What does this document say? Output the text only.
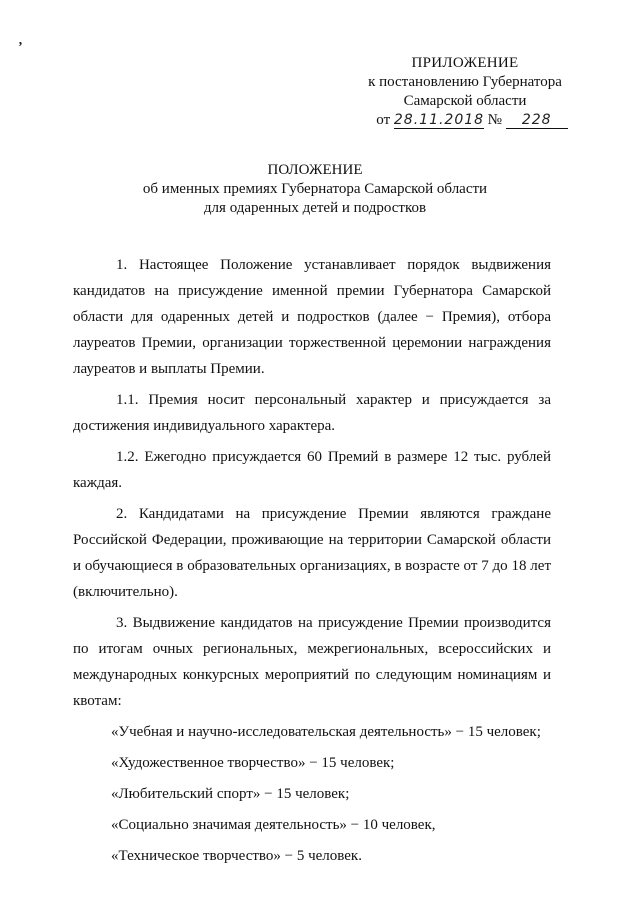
’
ПРИЛОЖЕНИЕ
к постановлению Губернатора
Самарской области
от 28.11.2018 № 228
ПОЛОЖЕНИЕ
об именных премиях Губернатора Самарской области
для одаренных детей и подростков

1. Настоящее Положение устанавливает порядок выдвижения кандидатов на присуждение именной премии Губернатора Самарской области для одаренных детей и подростков (далее − Премия), отбора лауреатов Премии, организации торжественной церемонии награждения лауреатов и выплаты Премии.

1.1. Премия носит персональный характер и присуждается за достижения индивидуального характера.

1.2. Ежегодно присуждается 60 Премий в размере 12 тыс. рублей каждая.

2. Кандидатами на присуждение Премии являются граждане Российской Федерации, проживающие на территории Самарской области и обучающиеся в образовательных организациях, в возрасте от 7 до 18 лет (включительно).

3. Выдвижение кандидатов на присуждение Премии производится по итогам очных региональных, межрегиональных, всероссийских и международных конкурсных мероприятий по следующим номинациям и квотам:

«Учебная и научно-исследовательская деятельность» − 15 человек;

«Художественное творчество» − 15 человек;

«Любительский спорт» − 15 человек;

«Социально значимая деятельность» − 10 человек,

«Техническое творчество» − 5 человек.
